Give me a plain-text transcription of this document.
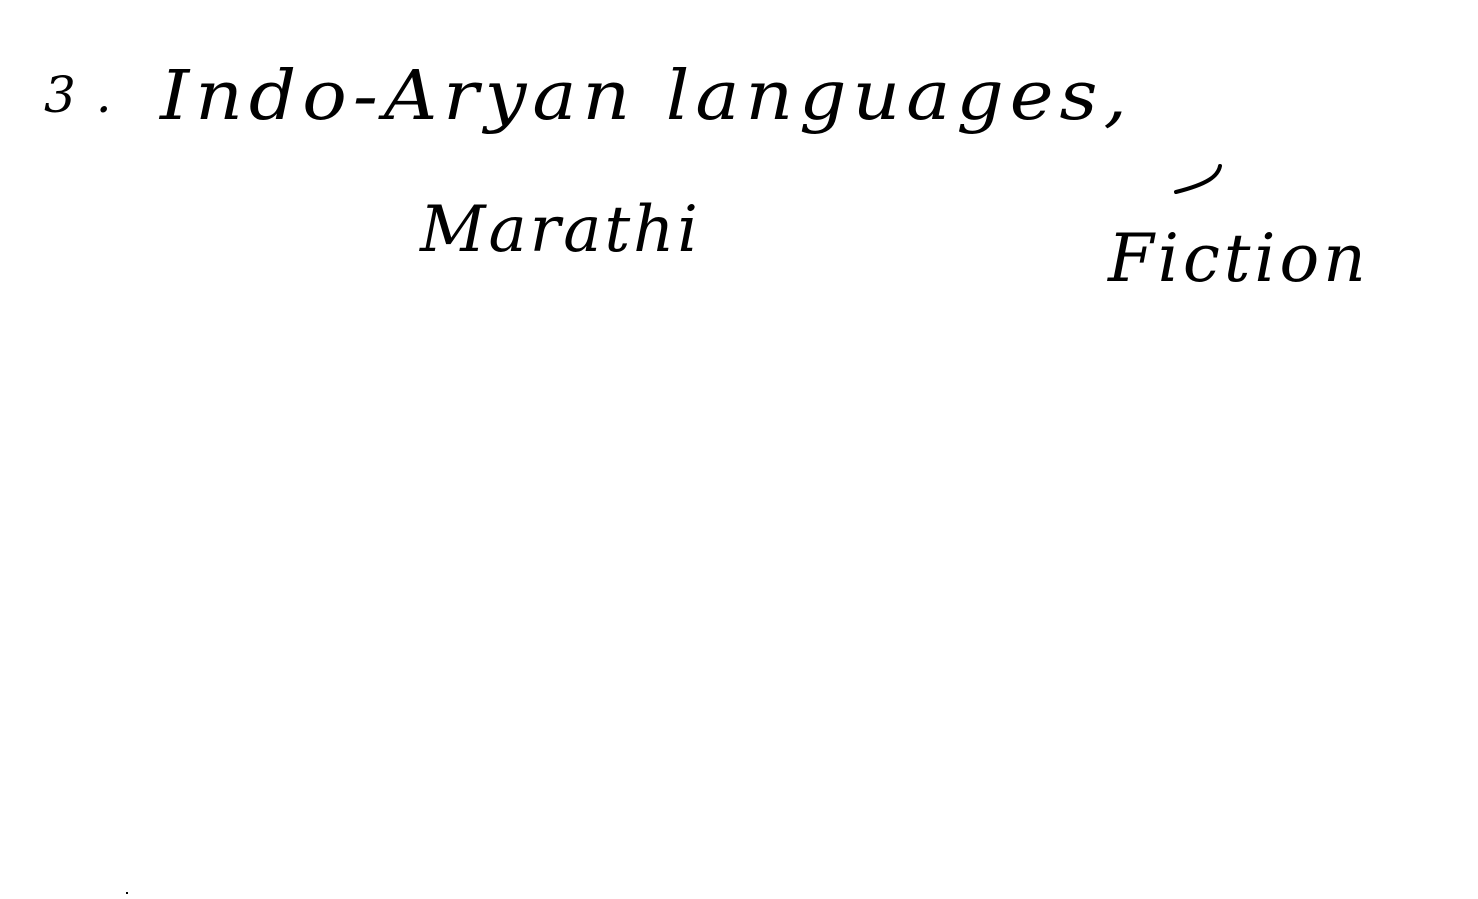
3 . Indo-Aryan languages,
Marathi	Fiction
